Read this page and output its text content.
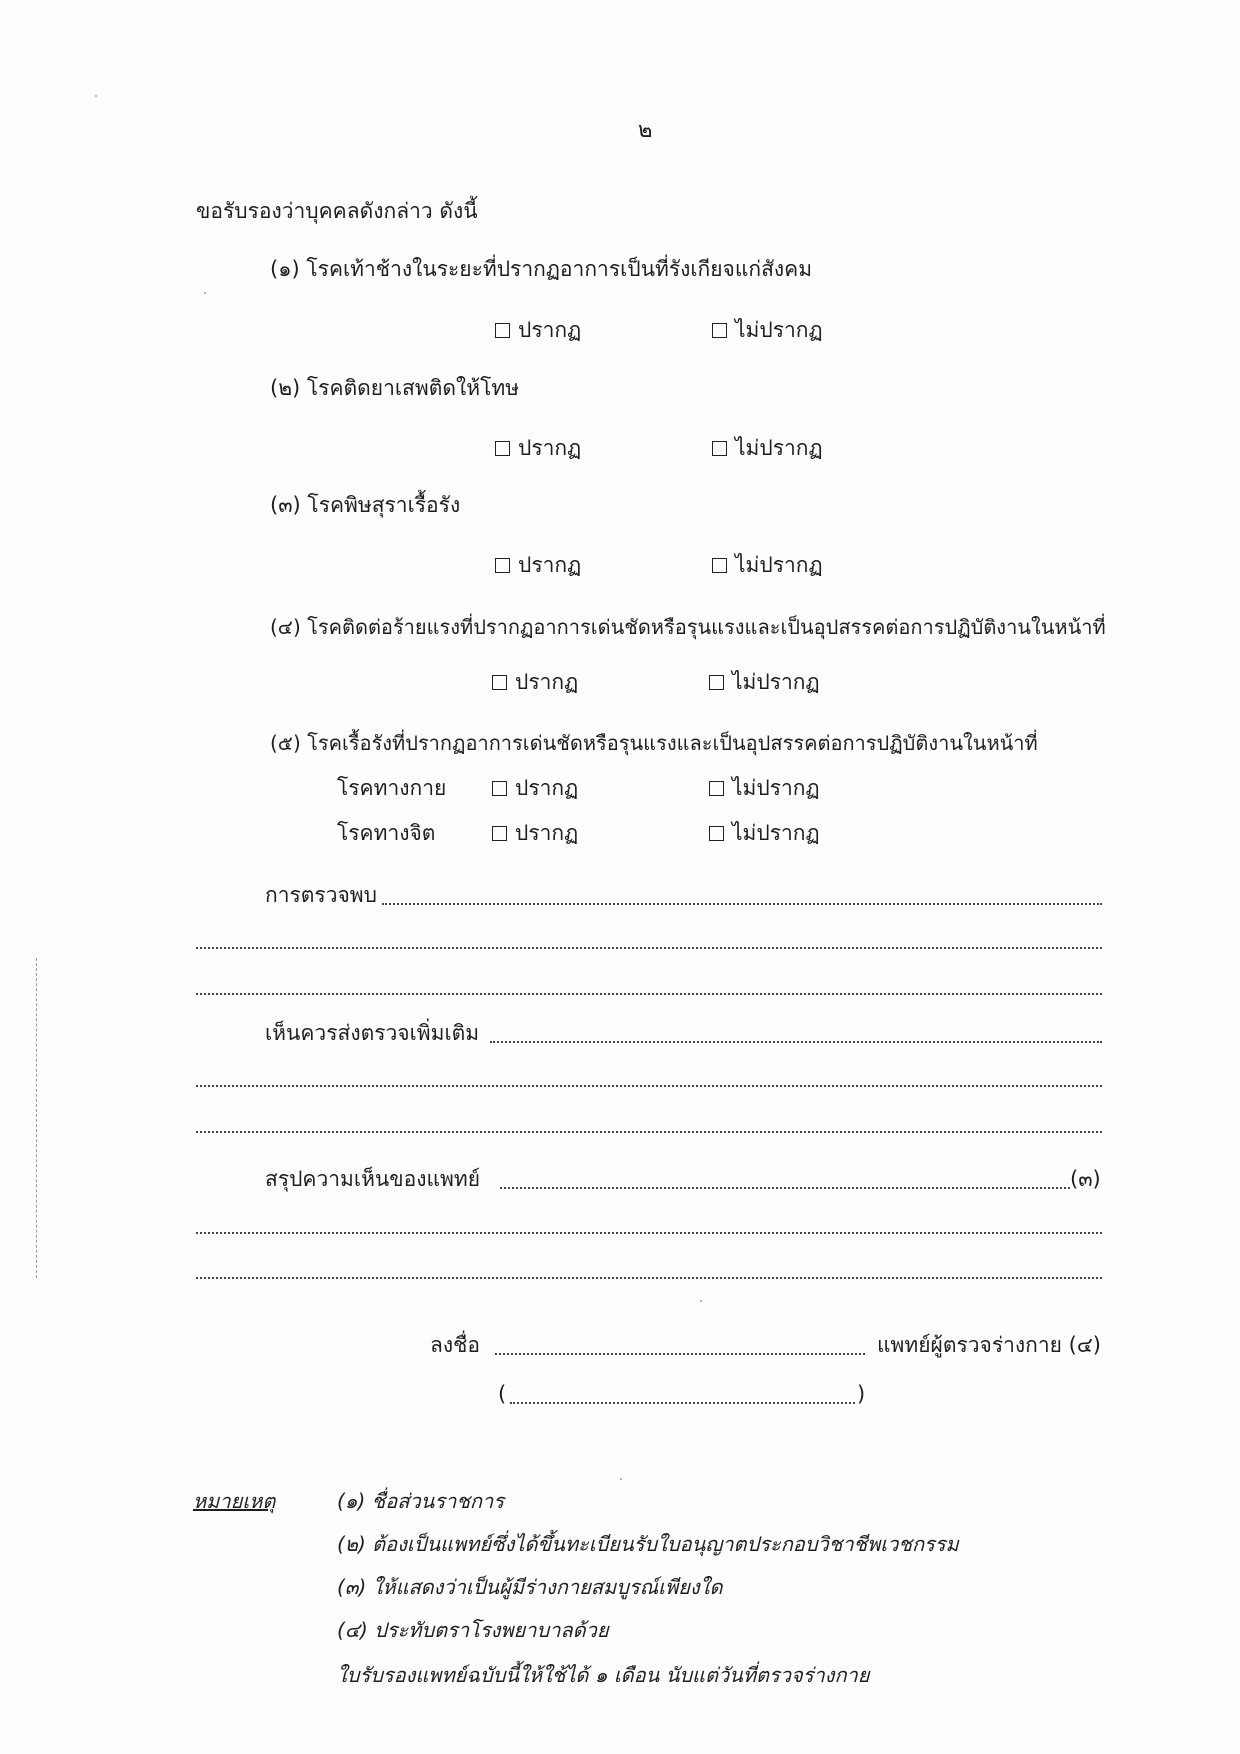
๒
ขอรับรองว่าบุคคลดังกล่าว ดังนี้
(๑) โรคเท้าช้างในระยะที่ปรากฏอาการเป็นที่รังเกียจแก่สังคม
ปรากฏ	ไม่ปรากฏ
(๒) โรคติดยาเสพติดให้โทษ
ปรากฏ	ไม่ปรากฏ
(๓) โรคพิษสุราเรื้อรัง
ปรากฏ	ไม่ปรากฏ
(๔) โรคติดต่อร้ายแรงที่ปรากฏอาการเด่นชัดหรือรุนแรงและเป็นอุปสรรคต่อการปฏิบัติงานในหน้าที่
ปรากฏ	ไม่ปรากฏ
(๕) โรคเรื้อรังที่ปรากฏอาการเด่นชัดหรือรุนแรงและเป็นอุปสรรคต่อการปฏิบัติงานในหน้าที่
โรคทางกาย	ปรากฏ	ไม่ปรากฏ
โรคทางจิต	ปรากฏ	ไม่ปรากฏ
การตรวจพบ
เห็นควรส่งตรวจเพิ่มเติม
สรุปความเห็นของแพทย์	(๓)
ลงชื่อ	แพทย์ผู้ตรวจร่างกาย (๔)
(	)
หมายเหตุ	(๑) ชื่อส่วนราชการ
(๒) ต้องเป็นแพทย์ซึ่งได้ขึ้นทะเบียนรับใบอนุญาตประกอบวิชาชีพเวชกรรม
(๓) ให้แสดงว่าเป็นผู้มีร่างกายสมบูรณ์เพียงใด
(๔) ประทับตราโรงพยาบาลด้วย
ใบรับรองแพทย์ฉบับนี้ให้ใช้ได้ ๑ เดือน นับแต่วันที่ตรวจร่างกาย
